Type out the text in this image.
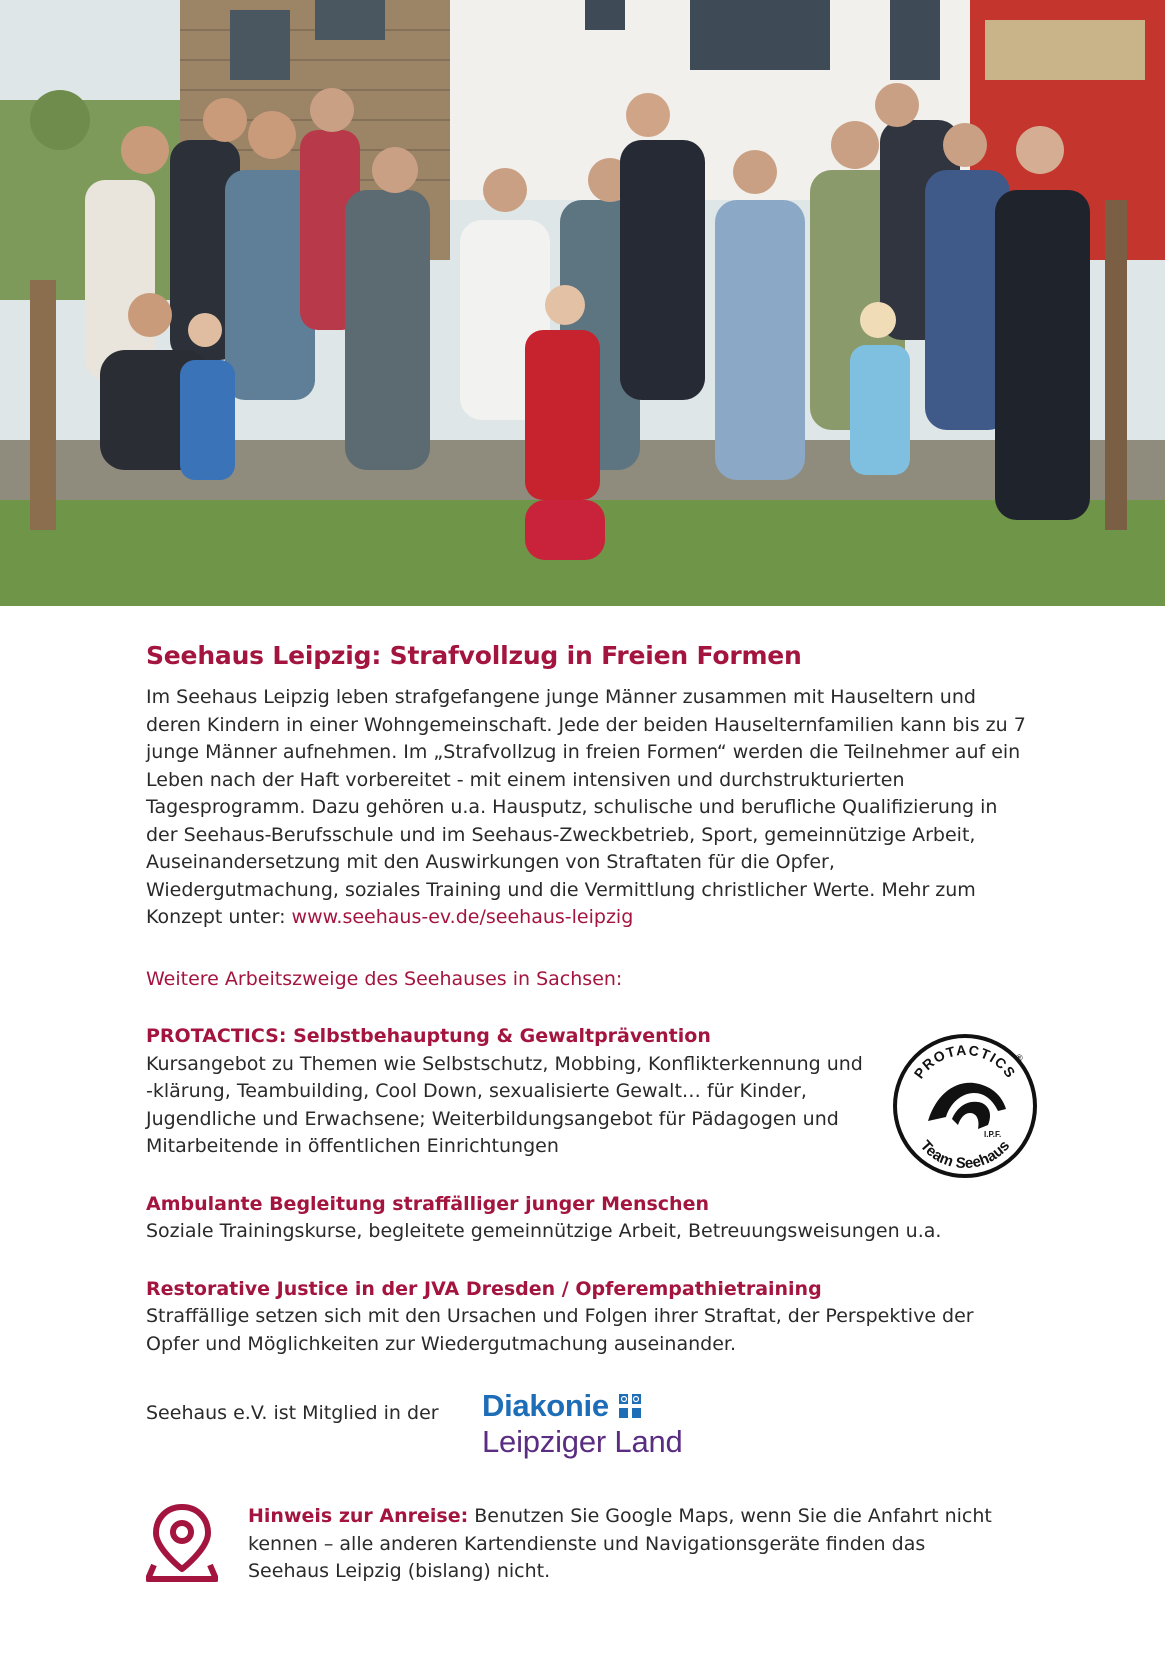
Seehaus Leipzig: Strafvollzug in Freien Formen

Im Seehaus Leipzig leben strafgefangene junge Männer zusammen mit Hauseltern und deren Kindern in einer Wohngemeinschaft. Jede der beiden Hauselternfamilien kann bis zu 7 junge Männer aufnehmen. Im „Strafvollzug in freien Formen“ werden die Teilnehmer auf ein Leben nach der Haft vorbereitet - mit einem intensiven und durchstrukturierten Tagesprogramm. Dazu gehören u.a. Hausputz, schulische und berufliche Qualifizierung in der Seehaus-Berufsschule und im Seehaus-Zweckbetrieb, Sport, gemeinnützige Arbeit, Auseinandersetzung mit den Auswirkungen von Straftaten für die Opfer, Wiedergutmachung, soziales Training und die Vermittlung christlicher Werte. Mehr zum Konzept unter: www.seehaus-ev.de/seehaus-leipzig

Weitere Arbeitszweige des Seehauses in Sachsen:

PROTACTICS: Selbstbehauptung & Gewaltprävention

Kursangebot zu Themen wie Selbstschutz, Mobbing, Konflikterkennung und -klärung, Teambuilding, Cool Down, sexualisierte Gewalt… für Kinder, Jugendliche und Erwachsene; Weiterbildungsangebot für Pädagogen und Mitarbeitende in öffentlichen Einrichtungen

PROTACTICS
®
I.P.F.
Team Seehaus

Ambulante Begleitung straffälliger junger Menschen

Soziale Trainingskurse, begleitete gemeinnützige Arbeit, Betreuungsweisungen u.a.

Restorative Justice in der JVA Dresden / Opferempathietraining

Straffällige setzen sich mit den Ursachen und Folgen ihrer Straftat, der Perspektive der Opfer und Möglichkeiten zur Wiedergutmachung auseinander.

Seehaus e.V. ist Mitglied in der Diakonie
Leipziger Land
Hinweis zur Anreise: Benutzen Sie Google Maps, wenn Sie die Anfahrt nicht kennen – alle anderen Kartendienste und Navigationsgeräte finden das Seehaus Leipzig (bislang) nicht.
